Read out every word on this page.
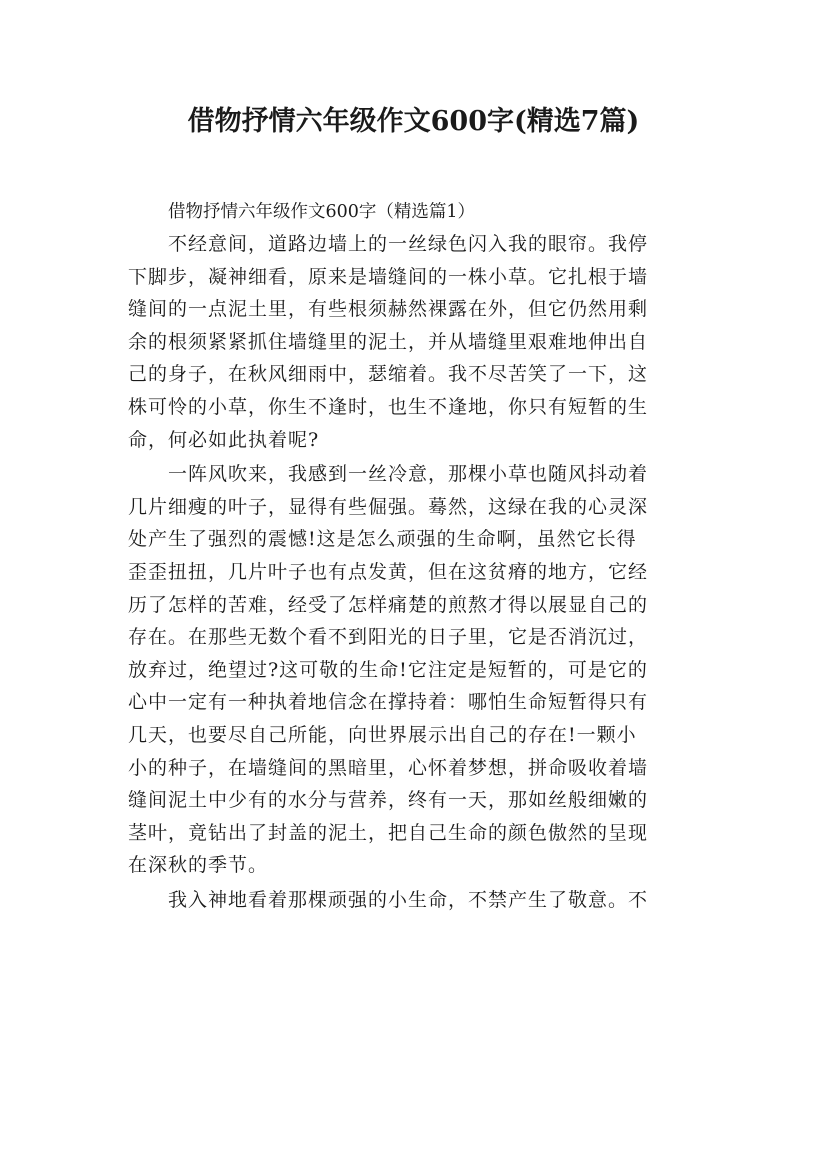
借物抒情六年级作文600字(精选7篇)
借物抒情六年级作文600字（精选篇1）
不经意间，道路边墙上的一丝绿色闪入我的眼帘。我停
下脚步，凝神细看，原来是墙缝间的一株小草。它扎根于墙
缝间的一点泥土里，有些根须赫然裸露在外，但它仍然用剩
余的根须紧紧抓住墙缝里的泥土，并从墙缝里艰难地伸出自
己的身子，在秋风细雨中，瑟缩着。我不尽苦笑了一下，这
株可怜的小草，你生不逢时，也生不逢地，你只有短暂的生
命，何必如此执着呢?
一阵风吹来，我感到一丝冷意，那棵小草也随风抖动着
几片细瘦的叶子，显得有些倔强。蓦然，这绿在我的心灵深
处产生了强烈的震憾!这是怎么顽强的生命啊，虽然它长得
歪歪扭扭，几片叶子也有点发黄，但在这贫瘠的地方，它经
历了怎样的苦难，经受了怎样痛楚的煎熬才得以展显自己的
存在。在那些无数个看不到阳光的日子里，它是否消沉过，
放弃过，绝望过?这可敬的生命!它注定是短暂的，可是它的
心中一定有一种执着地信念在撑持着：哪怕生命短暂得只有
几天，也要尽自己所能，向世界展示出自己的存在!一颗小
小的种子，在墙缝间的黑暗里，心怀着梦想，拼命吸收着墙
缝间泥土中少有的水分与营养，终有一天，那如丝般细嫩的
茎叶，竟钻出了封盖的泥土，把自己生命的颜色傲然的呈现
在深秋的季节。
我入神地看着那棵顽强的小生命，不禁产生了敬意。不
